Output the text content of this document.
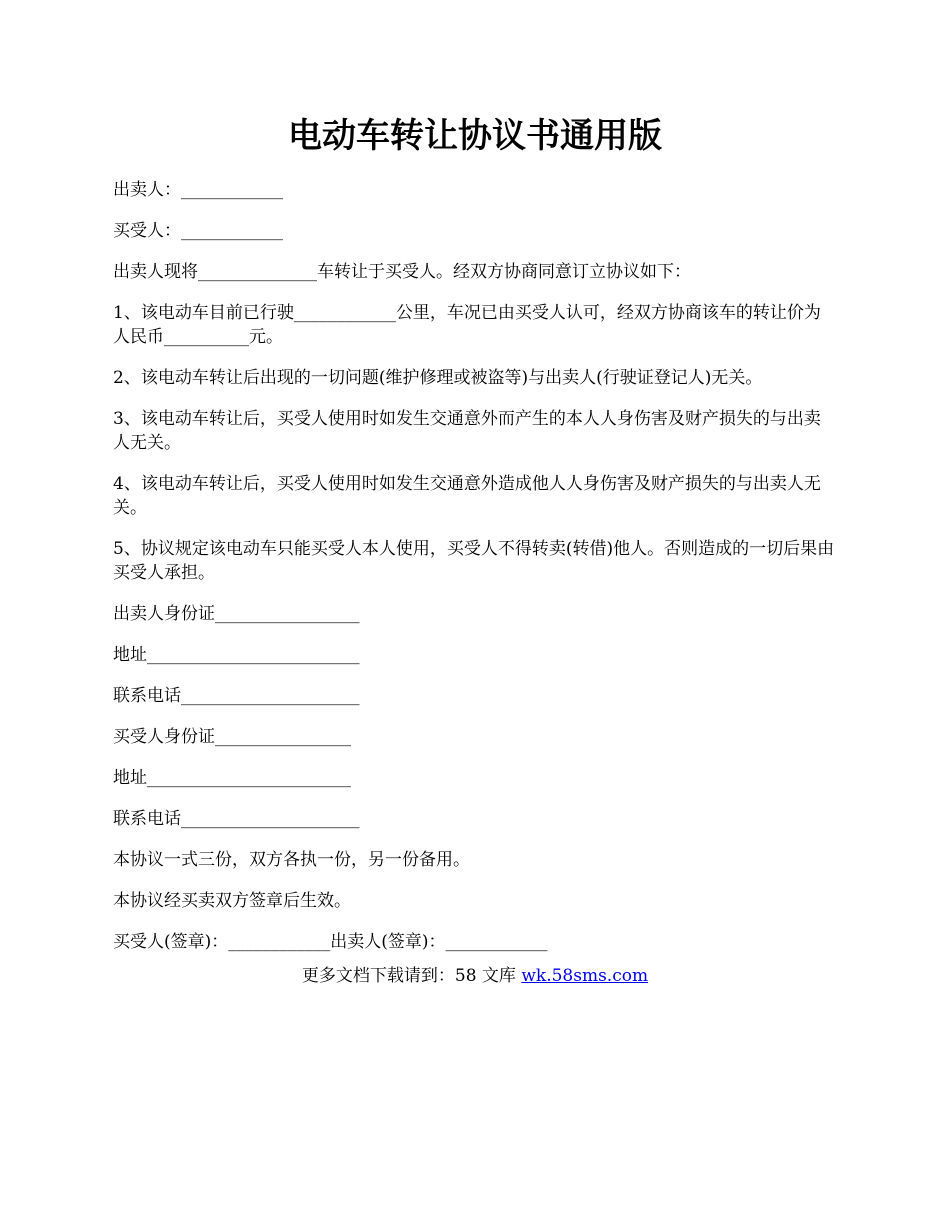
电动车转让协议书通用版

出卖人：____________

买受人：____________

出卖人现将______________车转让于买受人。经双方协商同意订立协议如下：

1、该电动车目前已行驶____________公里，车况已由买受人认可，经双方协商该车的转让价为人民币__________元。

2、该电动车转让后出现的一切问题(维护修理或被盗等)与出卖人(行驶证登记人)无关。

3、该电动车转让后，买受人使用时如发生交通意外而产生的本人人身伤害及财产损失的与出卖人无关。

4、该电动车转让后，买受人使用时如发生交通意外造成他人人身伤害及财产损失的与出卖人无关。

5、协议规定该电动车只能买受人本人使用，买受人不得转卖(转借)他人。否则造成的一切后果由买受人承担。

出卖人身份证_________________

地址_________________________

联系电话_____________________

买受人身份证________________

地址________________________

联系电话_____________________

本协议一式三份，双方各执一份，另一份备用。

本协议经买卖双方签章后生效。

买受人(签章)：____________出卖人(签章)：____________

更多文档下载请到：58 文库 wk.58sms.com
